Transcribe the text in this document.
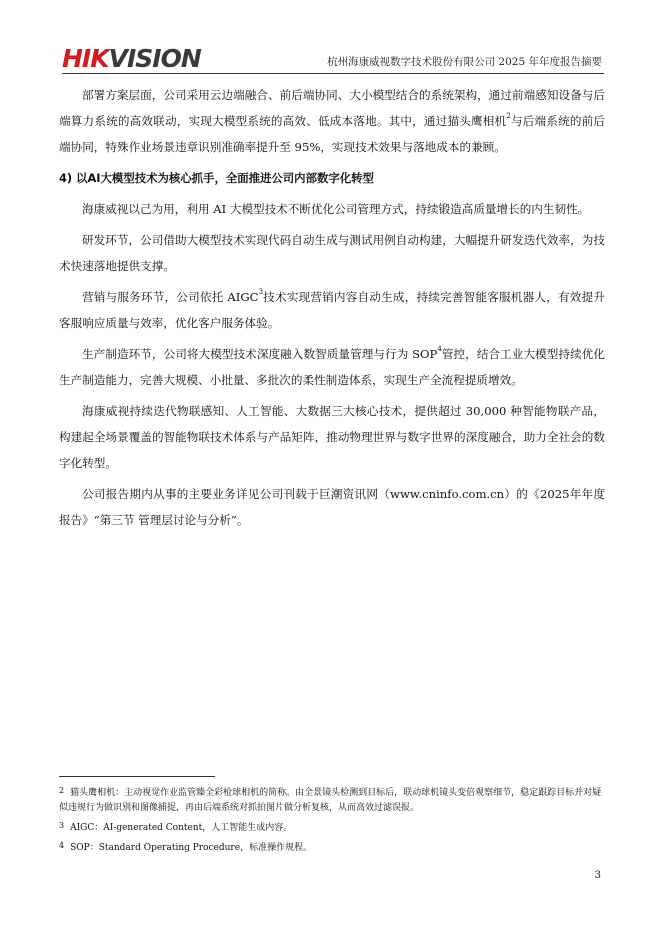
HIKVISION	杭州海康威视数字技术股份有限公司 2025 年年度报告摘要

部署方案层面，公司采用云边端融合、前后端协同、大小模型结合的系统架构，通过前端感知设备与后端算力系统的高效联动，实现大模型系统的高效、低成本落地。其中，通过猫头鹰相机$^2$与后端系统的前后端协同，特殊作业场景违章识别准确率提升至 95%，实现技术效果与落地成本的兼顾。

4) 以AI大模型技术为核心抓手，全面推进公司内部数字化转型

海康威视以己为用，利用 AI 大模型技术不断优化公司管理方式，持续锻造高质量增长的内生韧性。

研发环节，公司借助大模型技术实现代码自动生成与测试用例自动构建，大幅提升研发迭代效率，为技术快速落地提供支撑。

营销与服务环节，公司依托 AIGC$^3$技术实现营销内容自动生成，持续完善智能客服机器人，有效提升客服响应质量与效率，优化客户服务体验。

生产制造环节，公司将大模型技术深度融入数智质量管理与行为 SOP$^4$管控，结合工业大模型持续优化生产制造能力，完善大规模、小批量、多批次的柔性制造体系，实现生产全流程提质增效。

海康威视持续迭代物联感知、人工智能、大数据三大核心技术，提供超过 30,000 种智能物联产品，构建起全场景覆盖的智能物联技术体系与产品矩阵，推动物理世界与数字世界的深度融合，助力全社会的数字化转型。

公司报告期内从事的主要业务详见公司刊载于巨潮资讯网（www.cninfo.com.cn）的《2025年年度报告》“第三节 管理层讨论与分析”。

2 猫头鹰相机：主动视觉作业监管臻全彩枪球相机的简称。由全景镜头检测到目标后，联动球机镜头变倍观察细节，稳定跟踪目标并对疑似违规行为做识别和图像捕捉，再由后端系统对抓拍图片做分析复核，从而高效过滤误报。
3 AIGC：AI-generated Content，人工智能生成内容。
4 SOP：Standard Operating Procedure，标准操作规程。
3
